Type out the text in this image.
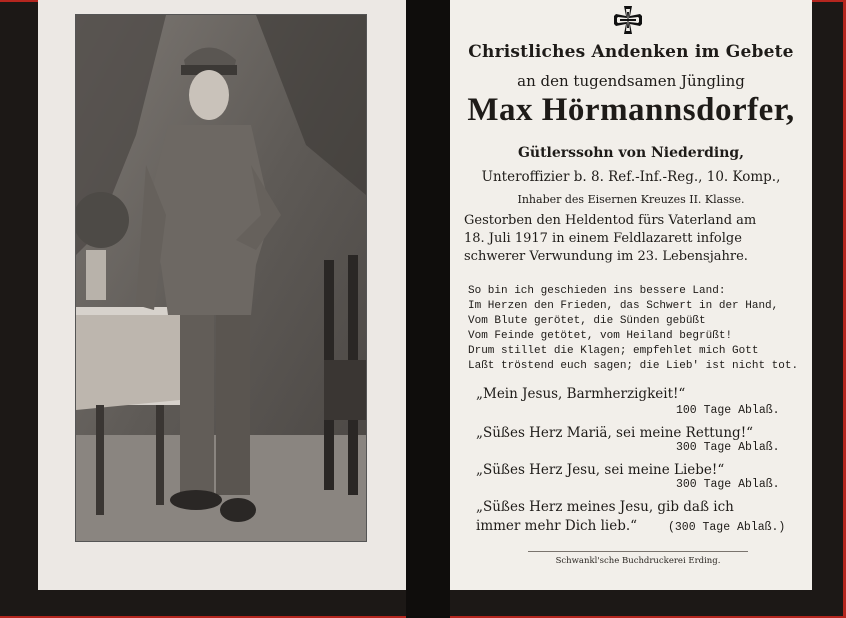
Christliches Andenken im Gebete
an den tugendsamen Jüngling
Max Hörmannsdorfer,
Gütlerssohn von Niederding,
Unteroffizier b. 8. Ref.-Inf.-Reg., 10. Komp.,
Inhaber des Eisernen Kreuzes II. Klasse.
Gestorben den Heldentod fürs Vaterland am
18. Juli 1917 in einem Feldlazarett infolge
schwerer Verwundung im 23. Lebensjahre.
So bin ich geschieden ins bessere Land:
Im Herzen den Frieden, das Schwert in der Hand,
Vom Blute gerötet, die Sünden gebüßt
Vom Feinde getötet, vom Heiland begrüßt!
Drum stillet die Klagen; empfehlet mich Gott
Laßt tröstend euch sagen; die Lieb' ist nicht tot.
„Mein Jesus, Barmherzigkeit!“
100 Tage Ablaß.
„Süßes Herz Mariä, sei meine Rettung!“
300 Tage Ablaß.
„Süßes Herz Jesu, sei meine Liebe!“
300 Tage Ablaß.
„Süßes Herz meines Jesu, gib daß ich
immer mehr Dich lieb.“	(300 Tage Ablaß.)
Schwankl'sche Buchdruckerei Erding.
